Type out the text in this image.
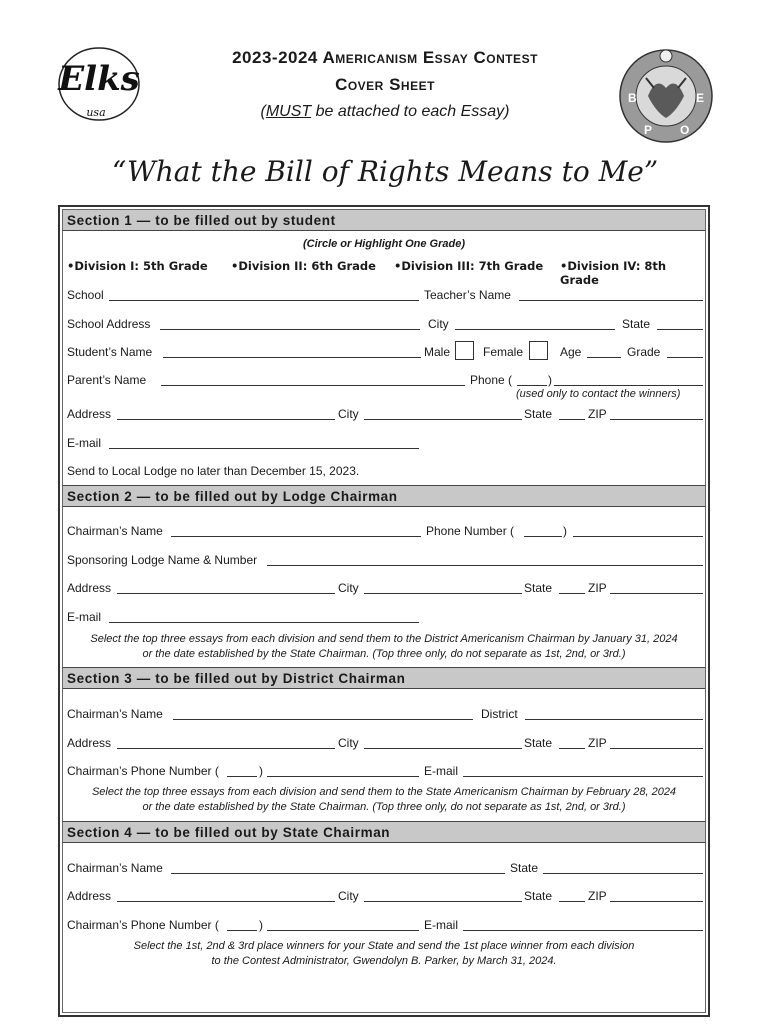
Elks
usa
B
P O
E
2023-2024 Americanism Essay Contest
Cover Sheet
(MUST be attached to each Essay)
“What the Bill of Rights Means to Me”
Section 1 — to be filled out by student
(Circle or Highlight One Grade)
•Division I: 5th Grade •Division II: 6th Grade •Division III: 7th Grade •Division IV: 8th Grade
School	Teacher’s Name
School Address	City	State
Student’s Name	Male	Female	Age	Grade
Parent’s Name	Phone (	)
(used only to contact the winners)
Address	City	State	ZIP
E-mail
Send to Local Lodge no later than December 15, 2023.
Section 2 — to be filled out by Lodge Chairman
Chairman’s Name	Phone Number (	)
Sponsoring Lodge Name & Number
Address	City	State	ZIP
E-mail
Select the top three essays from each division and send them to the District Americanism Chairman by January 31, 2024
or the date established by the State Chairman. (Top three only, do not separate as 1st, 2nd, or 3rd.)
Section 3 — to be filled out by District Chairman
Chairman’s Name	District
Address	City	State	ZIP
Chairman’s Phone Number (	)	E-mail
Select the top three essays from each division and send them to the State Americanism Chairman by February 28, 2024
or the date established by the State Chairman. (Top three only, do not separate as 1st, 2nd, or 3rd.)
Section 4 — to be filled out by State Chairman
Chairman’s Name	State
Address	City	State	ZIP
Chairman’s Phone Number (	)	E-mail
Select the 1st, 2nd & 3rd place winners for your State and send the 1st place winner from each division
to the Contest Administrator, Gwendolyn B. Parker, by March 31, 2024.
